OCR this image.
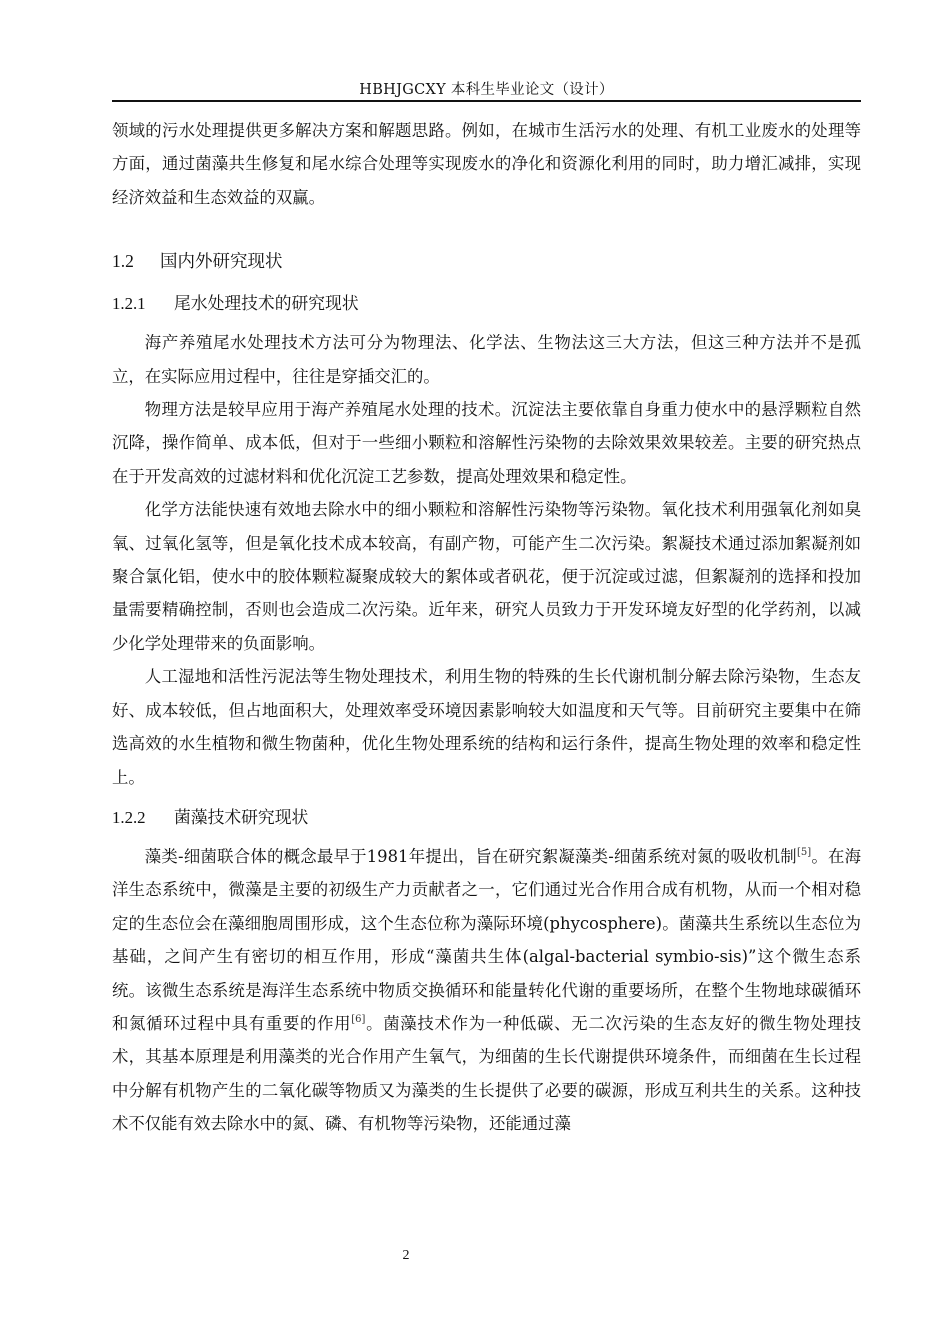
HBHJGCXY 本科生毕业论文（设计）

领域的污水处理提供更多解决方案和解题思路。例如，在城市生活污水的处理、有机工业废水的处理等方面，通过菌藻共生修复和尾水综合处理等实现废水的净化和资源化利用的同时，助力增汇减排，实现经济效益和生态效益的双赢。

1.2 国内外研究现状

1.2.1 尾水处理技术的研究现状

海产养殖尾水处理技术方法可分为物理法、化学法、生物法这三大方法，但这三种方法并不是孤立，在实际应用过程中，往往是穿插交汇的。

物理方法是较早应用于海产养殖尾水处理的技术。沉淀法主要依靠自身重力使水中的悬浮颗粒自然沉降，操作简单、成本低，但对于一些细小颗粒和溶解性污染物的去除效果效果较差。主要的研究热点在于开发高效的过滤材料和优化沉淀工艺参数，提高处理效果和稳定性。

化学方法能快速有效地去除水中的细小颗粒和溶解性污染物等污染物。氧化技术利用强氧化剂如臭氧、过氧化氢等，但是氧化技术成本较高，有副产物，可能产生二次污染。絮凝技术通过添加絮凝剂如聚合氯化铝，使水中的胶体颗粒凝聚成较大的絮体或者矾花，便于沉淀或过滤，但絮凝剂的选择和投加量需要精确控制，否则也会造成二次污染。近年来，研究人员致力于开发环境友好型的化学药剂，以减少化学处理带来的负面影响。

人工湿地和活性污泥法等生物处理技术，利用生物的特殊的生长代谢机制分解去除污染物，生态友好、成本较低，但占地面积大，处理效率受环境因素影响较大如温度和天气等。目前研究主要集中在筛选高效的水生植物和微生物菌种，优化生物处理系统的结构和运行条件，提高生物处理的效率和稳定性上。

1.2.2 菌藻技术研究现状

藻类-细菌联合体的概念最早于1981年提出，旨在研究絮凝藻类-细菌系统对氮的吸收机制[5]。在海洋生态系统中，微藻是主要的初级生产力贡献者之一，它们通过光合作用合成有机物，从而一个相对稳定的生态位会在藻细胞周围形成，这个生态位称为藻际环境(phycosphere)。菌藻共生系统以生态位为基础，之间产生有密切的相互作用，形成“藻菌共生体(algal-bacterial symbio-sis)”这个微生态系统。该微生态系统是海洋生态系统中物质交换循环和能量转化代谢的重要场所，在整个生物地球碳循环和氮循环过程中具有重要的作用[6]。菌藻技术作为一种低碳、无二次污染的生态友好的微生物处理技术，其基本原理是利用藻类的光合作用产生氧气，为细菌的生长代谢提供环境条件，而细菌在生长过程中分解有机物产生的二氧化碳等物质又为藻类的生长提供了必要的碳源，形成互利共生的关系。这种技术不仅能有效去除水中的氮、磷、有机物等污染物，还能通过藻

2
